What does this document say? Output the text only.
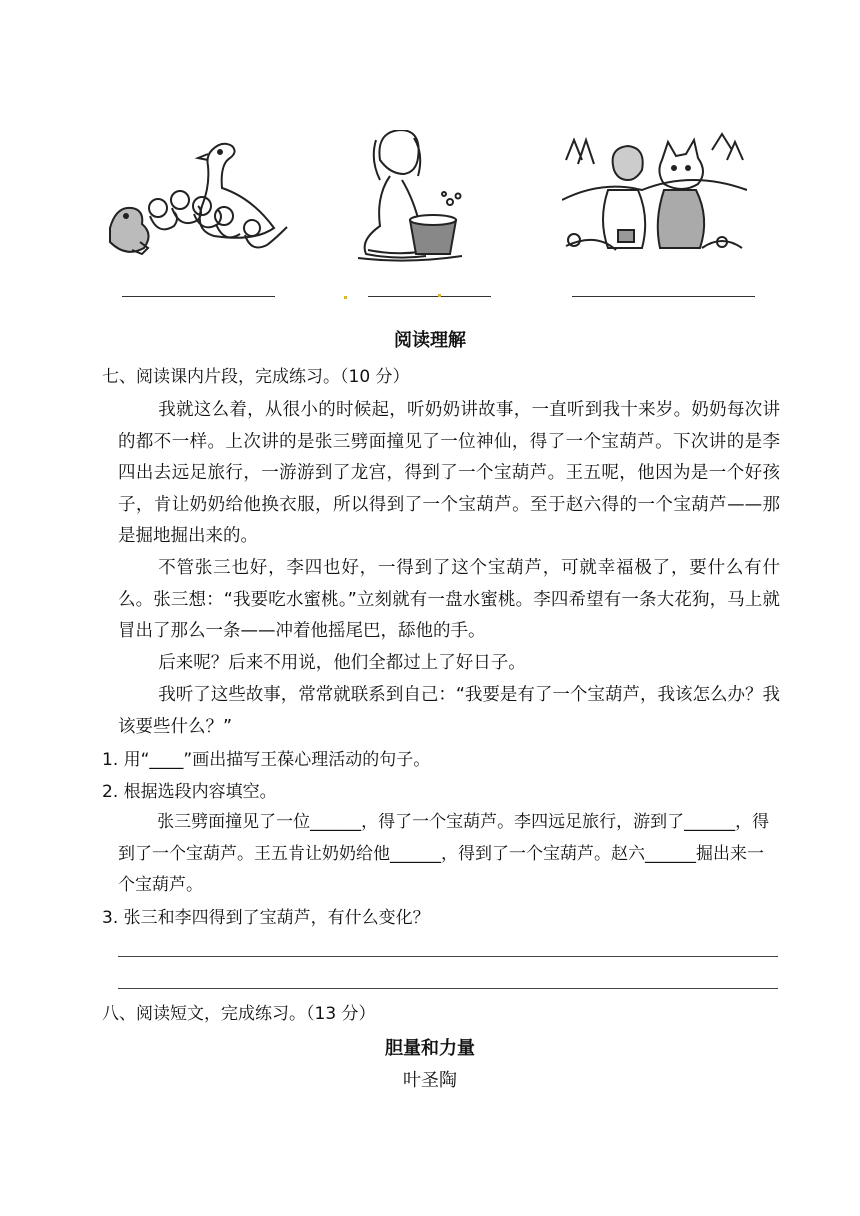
阅读理解
七、阅读课内片段，完成练习。（10 分）

我就这么着，从很小的时候起，听奶奶讲故事，一直听到我十来岁。奶奶每次讲的都不一样。上次讲的是张三劈面撞见了一位神仙，得了一个宝葫芦。下次讲的是李四出去远足旅行，一游游到了龙宫，得到了一个宝葫芦。王五呢，他因为是一个好孩子，肯让奶奶给他换衣服，所以得到了一个宝葫芦。至于赵六得的一个宝葫芦——那是掘地掘出来的。

不管张三也好，李四也好，一得到了这个宝葫芦，可就幸福极了，要什么有什么。张三想：“我要吃水蜜桃。”立刻就有一盘水蜜桃。李四希望有一条大花狗，马上就冒出了那么一条——冲着他摇尾巴，舔他的手。

后来呢？后来不用说，他们全都过上了好日子。

我听了这些故事，常常就联系到自己：“我要是有了一个宝葫芦，我该怎么办？我该要些什么？”

1. 用“____”画出描写王葆心理活动的句子。
2. 根据选段内容填空。

张三劈面撞见了一位______，得了一个宝葫芦。李四远足旅行，游到了______，得到了一个宝葫芦。王五肯让奶奶给他______，得到了一个宝葫芦。赵六______掘出来一个宝葫芦。

3. 张三和李四得到了宝葫芦，有什么变化？
八、阅读短文，完成练习。（13 分）
胆量和力量
叶圣陶
